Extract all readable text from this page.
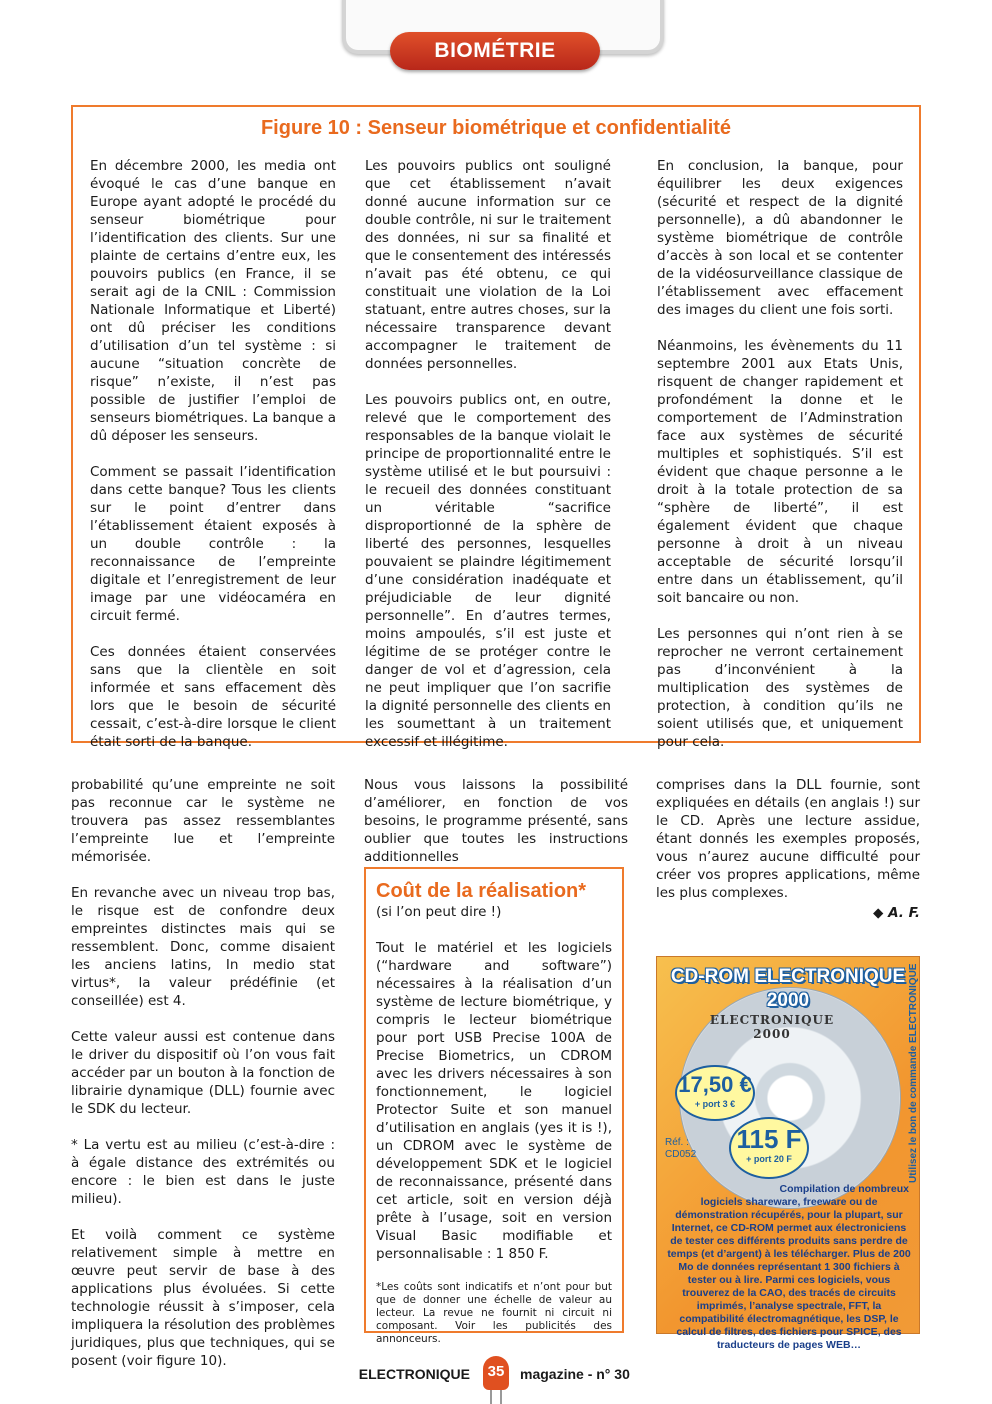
BIOMÉTRIE
Figure 10 : Senseur biométrique et confidentialité

En décembre 2000, les media ont évoqué le cas d’une banque en Europe ayant adopté le procédé du senseur biométrique pour l’identification des clients. Sur une plainte de certains d’entre eux, les pouvoirs publics (en France, il se serait agi de la CNIL : Commission Nationale Informatique et Liberté) ont dû préciser les conditions d’utilisation d’un tel système : si aucune “situation concrète de risque” n’existe, il n’est pas possible de justifier l’emploi de senseurs biométriques. La banque a dû déposer les senseurs.

Comment se passait l’identification dans cette banque? Tous les clients sur le point d’entrer dans l’établissement étaient exposés à un double contrôle : la reconnaissance de l’empreinte digitale et l’enregistrement de leur image par une vidéocaméra en circuit fermé.

Ces données étaient conservées sans que la clientèle en soit informée et sans effacement dès lors que le besoin de sécurité cessait, c’est-à-dire lorsque le client était sorti de la banque.

Les pouvoirs publics ont souligné que cet établissement n’avait donné aucune information sur ce double contrôle, ni sur le traitement des données, ni sur sa finalité et que le consentement des intéressés n’avait pas été obtenu, ce qui constituait une violation de la Loi statuant, entre autres choses, sur la nécessaire transparence devant accompagner le traitement de données personnelles.

Les pouvoirs publics ont, en outre, relevé que le comportement des responsables de la banque violait le principe de proportionnalité entre le système utilisé et le but poursuivi : le recueil des données constituant un véritable “sacrifice disproportionné de la sphère de liberté des personnes, lesquelles pouvaient se plaindre légitimement d’une considération inadéquate et préjudiciable de leur dignité personnelle”. En d’autres termes, moins ampoulés, s’il est juste et légitime de se protéger contre le danger de vol et d’agression, cela ne peut impliquer que l’on sacrifie la dignité personnelle des clients en les soumettant à un traitement excessif et illégitime.

En conclusion, la banque, pour équilibrer les deux exigences (sécurité et respect de la dignité personnelle), a dû abandonner le système biométrique de contrôle d’accès à son local et se contenter de la vidéosurveillance classique de l’établissement avec effacement des images du client une fois sorti.

Néanmoins, les évènements du 11 septembre 2001 aux Etats Unis, risquent de changer rapidement et profondément la donne et le comportement de l’Adminstration face aux systèmes de sécurité multiples et sophistiqués. S’il est évident que chaque personne a le droit à la totale protection de sa “sphère de liberté”, il est également évident que chaque personne à droit à un niveau acceptable de sécurité lorsqu’il entre dans un établissement, qu’il soit bancaire ou non.

Les personnes qui n’ont rien à se reprocher ne verront certainement pas d’inconvénient à la multiplication des systèmes de protection, à condition qu’ils ne soient utilisés que, et uniquement pour cela.

probabilité qu’une empreinte ne soit pas reconnue car le système ne trouvera pas assez ressemblantes l’empreinte lue et l’empreinte mémorisée.

En revanche avec un niveau trop bas, le risque est de confondre deux empreintes distinctes mais qui se ressemblent. Donc, comme disaient les anciens latins, In medio stat virtus*, la valeur prédéfinie (et conseillée) est 4.

Cette valeur aussi est contenue dans le driver du dispositif où l’on vous fait accéder par un bouton à la fonction de librairie dynamique (DLL) fournie avec le SDK du lecteur.

* La vertu est au milieu (c’est-à-dire : à égale distance des extrémités ou encore : le bien est dans le juste milieu).

Et voilà comment ce système relativement simple à mettre en œuvre peut servir de base à des applications plus évoluées. Si cette technologie réussit à s’imposer, cela impliquera la résolution des problèmes juridiques, plus que techniques, qui se posent (voir figure 10).

Nous vous laissons la possibilité d’améliorer, en fonction de vos besoins, le programme présenté, sans oublier que toutes les instructions additionnelles

Coût de la réalisation*
(si l’on peut dire !)

Tout le matériel et les logiciels (“hardware and software”) nécessaires à la réalisation d’un système de lecture biométrique, y compris le lecteur biométrique pour port USB Precise 100A de Precise Biometrics, un CDROM avec les drivers nécessaires à son fonctionnement, le logiciel Protector Suite et son manuel d’utilisation en anglais (yes it is !), un CDROM avec le système de développement SDK et le logiciel de reconnaissance, présenté dans cet article, soit en version déjà prête à l’usage, soit en version Visual Basic modifiable et personnalisable : 1 850 F.

*Les coûts sont indicatifs et n’ont pour but que de donner une échelle de valeur au lecteur. La revue ne fournit ni circuit ni composant. Voir les publicités des annonceurs.

comprises dans la DLL fournie, sont expliquées en détails (en anglais !) sur le CD. Après une lecture assidue, étant donnés les exemples proposés, vous n’aurez aucune difficulté pour créer vos propres applications, même les plus complexes.

◆ A. F.
CD-ROM ELECTRONIQUE
2000
ELECTRONIQUE
2000
17,50 €
+ port 3 €
115 F
+ port 20 F
Réf. :
CD052	Utilisez le bon de commande ELECTRONIQUE
Compilation de nombreux
logiciels shareware, freeware ou de démonstration récupérés, pour la plupart, sur Internet, ce CD-ROM permet aux électroniciens de tester ces différents produits sans perdre de temps (et d’argent) à les télécharger. Plus de 200 Mo de données représentant 1 300 fichiers à tester ou à lire. Parmi ces logiciels, vous trouverez de la CAO, des tracés de circuits imprimés, l’analyse spectrale, FFT, la compatibilité électromagnétique, les DSP, le calcul de filtres, des fichiers pour SPICE, des traducteurs de pages WEB…
ELECTRONIQUE	35	magazine - n° 30
